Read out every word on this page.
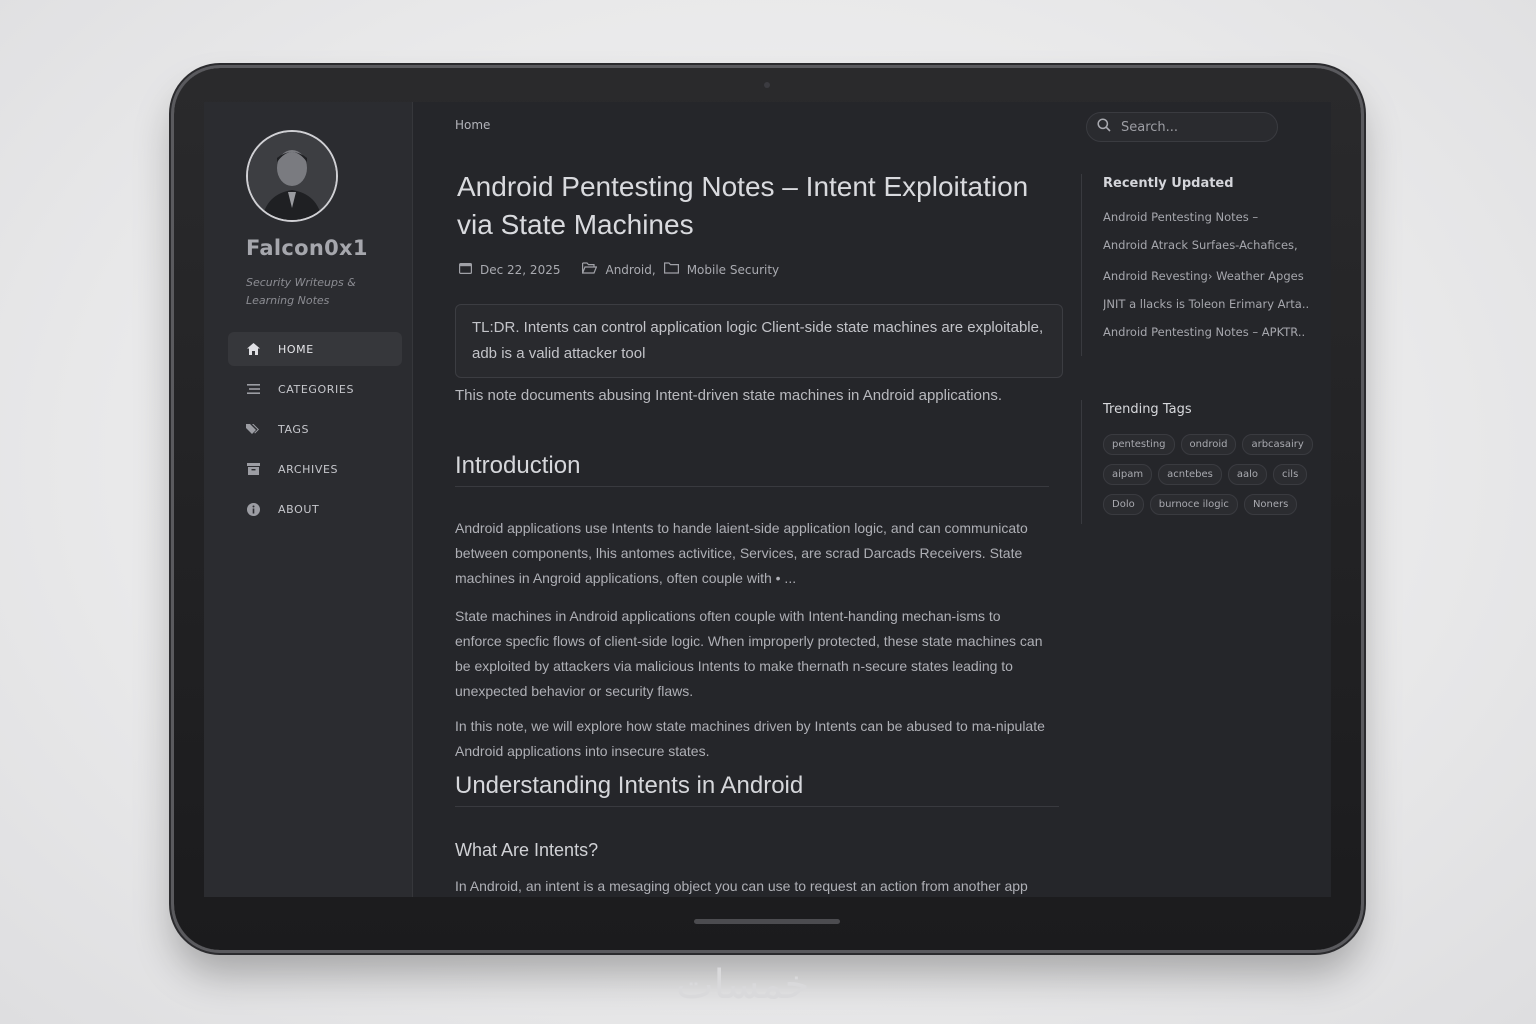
Falcon0x1
Security Writeups & Learning Notes
HOME
CATEGORIES
TAGS
ARCHIVES
ABOUT
Home
Android Pentesting Notes – Intent Exploitation via State Machines
Dec 22, 2025	Android,	Mobile Security
TL:DR. Intents can control application logic Client-side state machines are exploitable, adb is a valid attacker tool
This note documents abusing Intent-driven state machines in Android applications.
Introduction
Android applications use Intents to hande laient-side application logic, and can communicato between components, lhis antomes activitice, Services, are sсrad Darcads Receivers. State machines in Angroid applications, often couple with • ...
State machines in Android applications often couple with Intent-handing mechan-isms to enforce specfic flows of client-side logic. When improperly protected, these state machines can be exploited by attackers via malicious Intents to make thernath n-secure states leading to unexpected behavior or security flaws.
In this note, we will explore how state machines driven by Intents can be abused to ma-nipulate Android applications into insecure states.
Understanding Intents in Android
What Are Intents?
In Android, an intent is a mesaging object you can use to request an action from another app
Search...
Recently Updated
Android Pentesting Notes –
Android Atrack Surfaes-Achafices,
Android Revesting› Weather Apges
JNIT a llacks is Toleon Erimary Arta..
Android Pentesting Notes – APKTR..
Trending Tags
pentesting	ondroid	arbcasairy
aipam	acntebes	aalo	cils
Dolo	burnoce ilogic	Noners
خمسات
